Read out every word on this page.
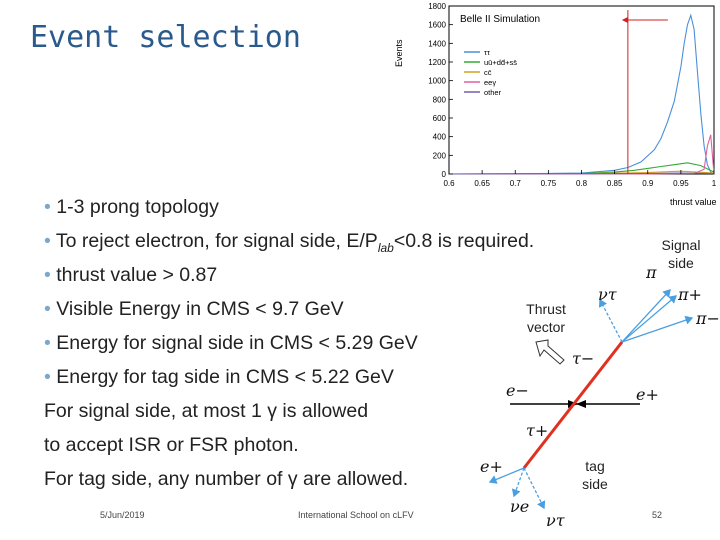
Event selection
0
200
400
600
800
1000
1200
1400
1600
1800
0.6 0.65 0.7 0.75 0.8 0.85 0.9 0.95	1
ττ
uū+dd̄+ss̄
cc̄
eeγ
other
Events
Belle II Simulation
thrust value
• 1-3 prong topology
• To reject electron, for signal side, $E/P_{lab}<0.8$ is required.
• thrust value > 0.87
• Visible Energy in CMS < 9.7 GeV
• Energy for signal side in CMS < 5.29 GeV
• Energy for tag side in CMS < 5.22 GeV
For signal side, at most 1 γ is allowed
to accept ISR or FSR photon.
For tag side, any number of γ are allowed.
Signal side
Thrust vector
tag side
ντ
π
π+
π−
τ−
e−	e+
τ+
e+
νe
ντ
5/Jun/2019	International School on cLFV	52
